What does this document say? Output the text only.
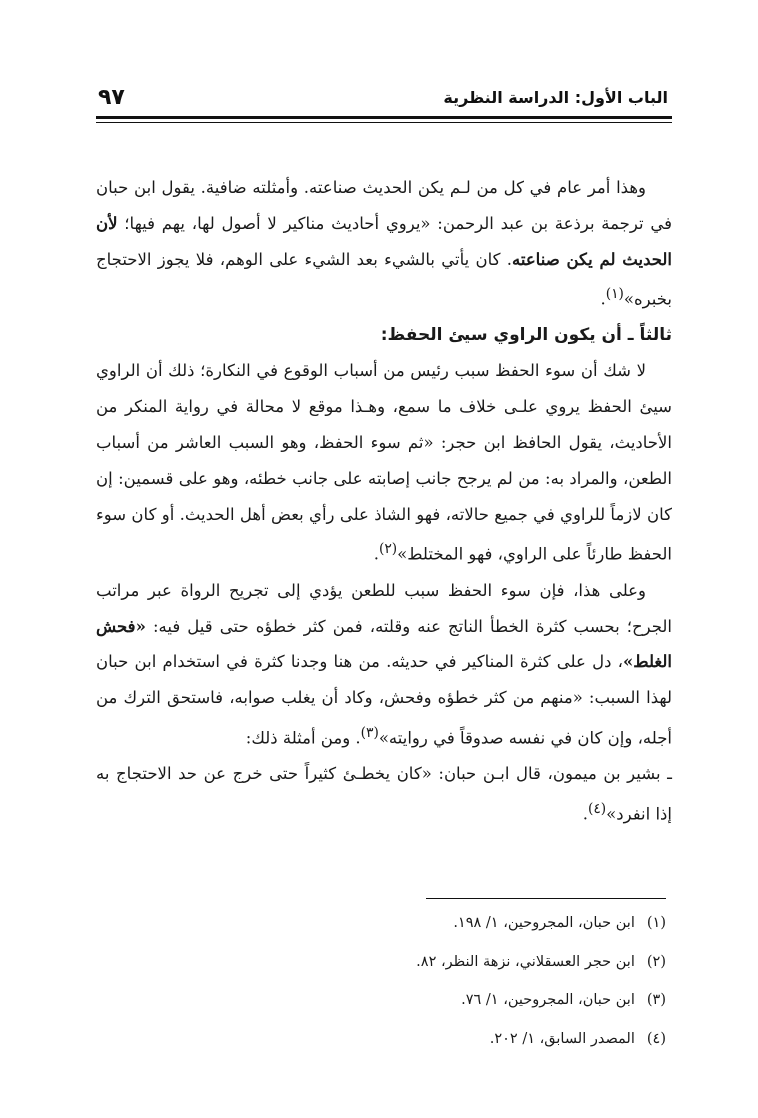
الباب الأول: الدراسة النظرية
٩٧

وهذا أمر عام في كل من لـم يكن الحديث صناعته. وأمثلته ضافية. يقول ابن حبان في ترجمة برذعة بن عبد الرحمن: «يروي أحاديث مناكير لا أصول لها، يهم فيها؛ لأن الحديث لم يكن صناعته. كان يأتي بالشيء بعد الشيء على الوهم، فلا يجوز الاحتجاج بخبره»$^{(١)}$.

ثالثاً ـ أن يكون الراوي سيئ الحفظ:

لا شك أن سوء الحفظ سبب رئيس من أسباب الوقوع في النكارة؛ ذلك أن الراوي سيئ الحفظ يروي علـى خلاف ما سمع، وهـذا موقع لا محالة في رواية المنكر من الأحاديث، يقول الحافظ ابن حجر: «ثم سوء الحفظ، وهو السبب العاشر من أسباب الطعن، والمراد به: من لم يرجح جانب إصابته على جانب خطئه، وهو على قسمين: إن كان لازماً للراوي في جميع حالاته، فهو الشاذ على رأي بعض أهل الحديث. أو كان سوء الحفظ طارئاً على الراوي، فهو المختلط»$^{(٢)}$.

وعلى هذا، فإن سوء الحفظ سبب للطعن يؤدي إلى تجريح الرواة عبر مراتب الجرح؛ بحسب كثرة الخطأ الناتج عنه وقلته، فمن كثر خطؤه حتى قيل فيه: «فحش الغلط»، دل على كثرة المناكير في حديثه. من هنا وجدنا كثرة في استخدام ابن حبان لهذا السبب: «منهم من كثر خطؤه وفحش، وكاد أن يغلب صوابه، فاستحق الترك من أجله، وإن كان في نفسه صدوقاً في روايته»$^{(٣)}$. ومن أمثلة ذلك:

ـ بشير بن ميمون، قال ابـن حبان: «كان يخطـئ كثيراً حتى خرج عن حد الاحتجاج به إذا انفرد»$^{(٤)}$.

(١)ابن حبان، المجروحين، ١/ ١٩٨.
(٢)ابن حجر العسقلاني، نزهة النظر، ٨٢.
(٣)ابن حبان، المجروحين، ١/ ٧٦.
(٤)المصدر السابق، ١/ ٢٠٢.
